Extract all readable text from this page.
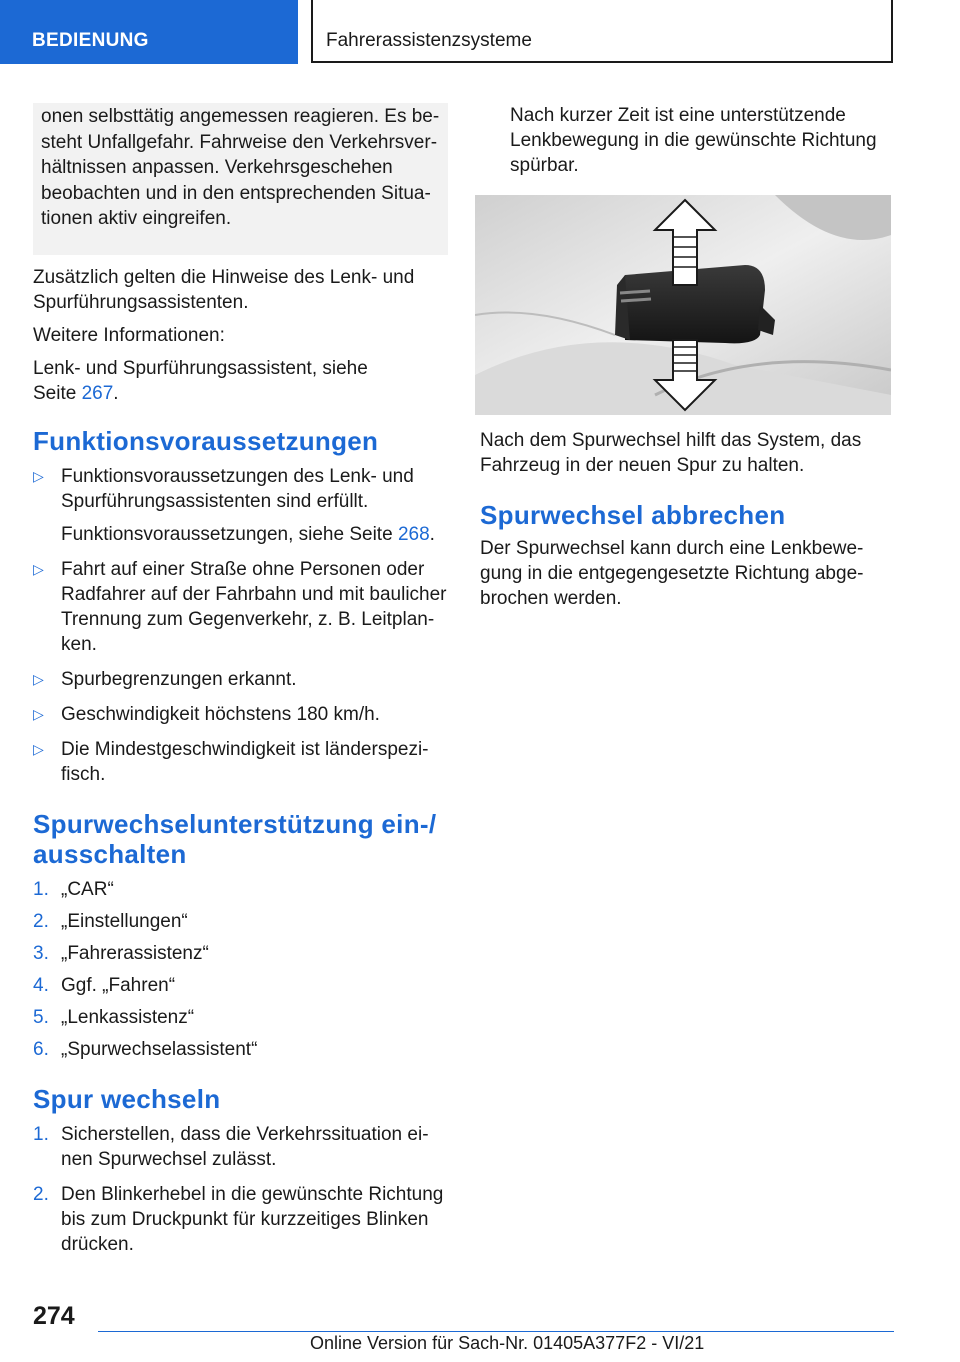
BEDIENUNG	Fahrerassistenzsysteme

onen selbsttätig angemessen reagieren. Es be-

steht Unfallgefahr. Fahrweise den Verkehrsver-

hältnissen anpassen. Verkehrsgeschehen

beobachten und in den entsprechenden Situa-

tionen aktiv eingreifen.

Zusätzlich gelten die Hinweise des Lenk- und

Spurführungsassistenten.

Weitere Informationen:

Lenk- und Spurführungsassistent, siehe

Seite 267.

Funktionsvoraussetzungen
▷ Funktionsvoraussetzungen des Lenk- und

Spurführungsassistenten sind erfüllt.

Funktionsvoraussetzungen, siehe Seite 268.

▷ Fahrt auf einer Straße ohne Personen oder

Radfahrer auf der Fahrbahn und mit baulicher

Trennung zum Gegenverkehr, z. B. Leitplan-

ken.

▷ Spurbegrenzungen erkannt.

▷ Geschwindigkeit höchstens 180 km/h.

▷ Die Mindestgeschwindigkeit ist länderspezi-

fisch.

Spurwechselunterstützung ein-/
ausschalten
1. „CAR“

2. „Einstellungen“

3. „Fahrerassistenz“

4. Ggf. „Fahren“

5. „Lenkassistenz“

6. „Spurwechselassistent“

Spur wechseln
1. Sicherstellen, dass die Verkehrssituation ei-

nen Spurwechsel zulässt.

2. Den Blinkerhebel in die gewünschte Richtung

bis zum Druckpunkt für kurzzeitiges Blinken

drücken.

Nach kurzer Zeit ist eine unterstützende

Lenkbewegung in die gewünschte Richtung

spürbar.

Nach dem Spurwechsel hilft das System, das

Fahrzeug in der neuen Spur zu halten.

Spurwechsel abbrechen

Der Spurwechsel kann durch eine Lenkbewe-

gung in die entgegengesetzte Richtung abge-

brochen werden.

274
Online Version für Sach-Nr. 01405A377F2 - VI/21
